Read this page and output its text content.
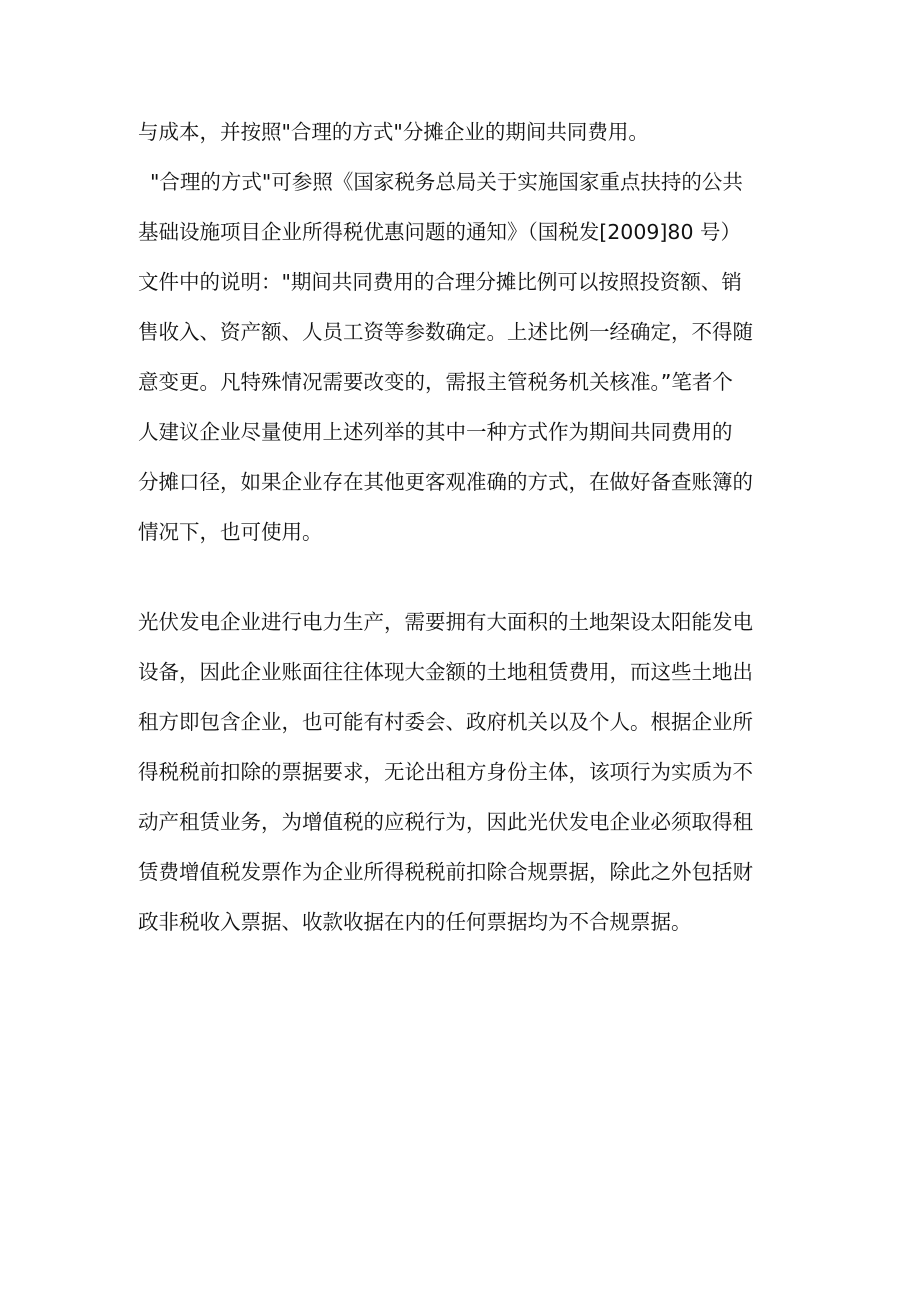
与成本，并按照"合理的方式"分摊企业的期间共同费用。
"合理的方式"可参照《国家税务总局关于实施国家重点扶持的公共
基础设施项目企业所得税优惠问题的通知》（国税发[2009]80 号）
文件中的说明："期间共同费用的合理分摊比例可以按照投资额、销
售收入、资产额、人员工资等参数确定。上述比例一经确定，不得随
意变更。凡特殊情况需要改变的，需报主管税务机关核准。”笔者个
人建议企业尽量使用上述列举的其中一种方式作为期间共同费用的
分摊口径，如果企业存在其他更客观准确的方式，在做好备查账簿的
情况下，也可使用。
光伏发电企业进行电力生产，需要拥有大面积的土地架设太阳能发电
设备，因此企业账面往往体现大金额的土地租赁费用，而这些土地出
租方即包含企业，也可能有村委会、政府机关以及个人。根据企业所
得税税前扣除的票据要求，无论出租方身份主体，该项行为实质为不
动产租赁业务，为增值税的应税行为，因此光伏发电企业必须取得租
赁费增值税发票作为企业所得税税前扣除合规票据，除此之外包括财
政非税收入票据、收款收据在内的任何票据均为不合规票据。
